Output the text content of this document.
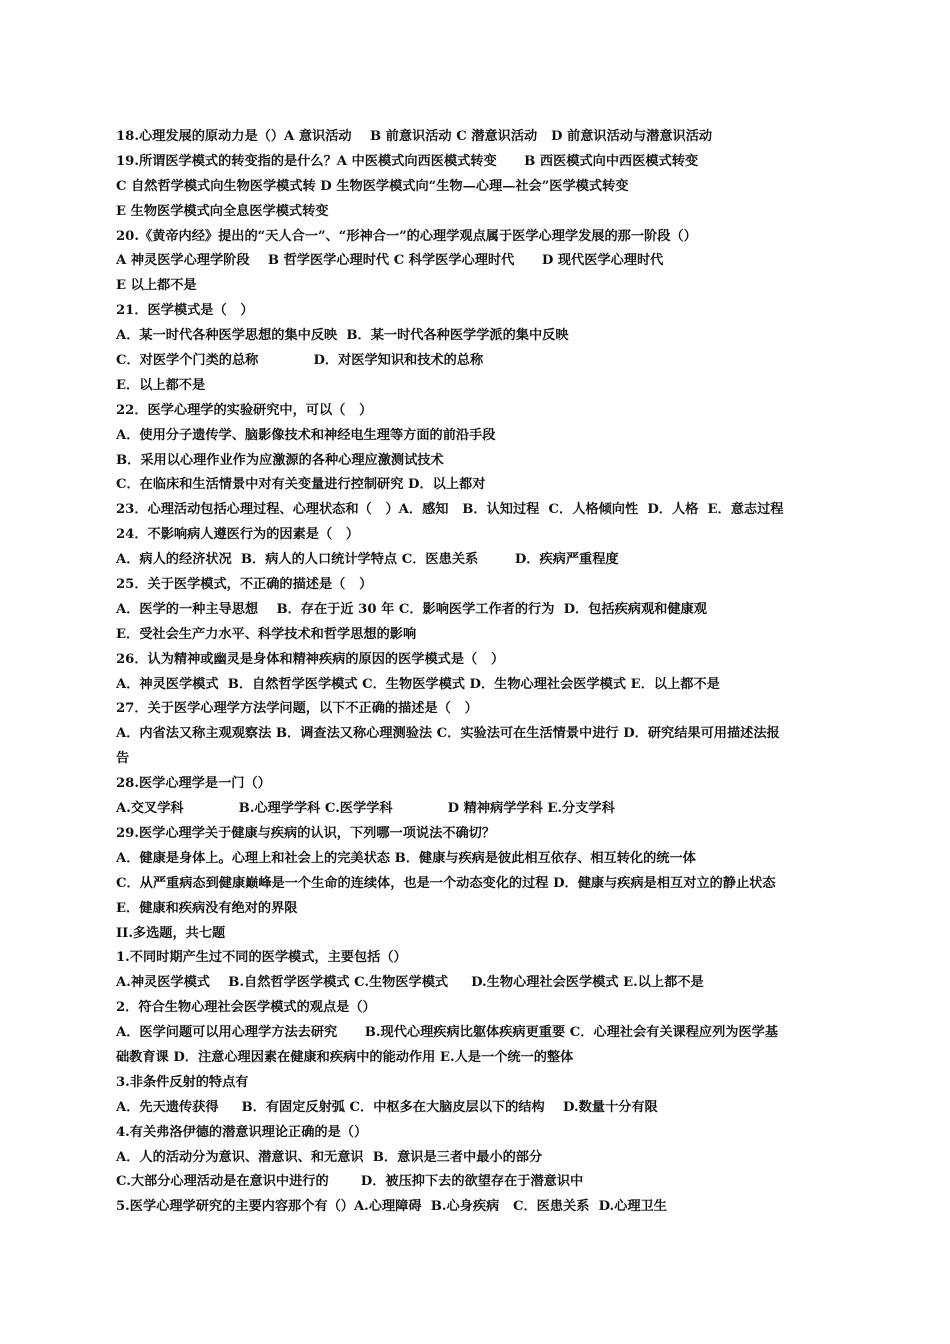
18.心理发展的原动力是（）A 意识活动    B 前意识活动 C 潜意识活动   D 前意识活动与潜意识活动
19.所谓医学模式的转变指的是什么？A 中医模式向西医模式转变      B 西医模式向中西医模式转变
C 自然哲学模式向生物医学模式转 D 生物医学模式向“生物—心理—社会”医学模式转变
E 生物医学模式向全息医学模式转变
20.《黄帝内经》提出的“天人合一”、“形神合一”的心理学观点属于医学心理学发展的那一阶段（）
A 神灵医学心理学阶段    B 哲学医学心理时代 C 科学医学心理时代      D 现代医学心理时代
E 以上都不是
21．医学模式是（   ）
A．某一时代各种医学思想的集中反映  B．某一时代各种医学学派的集中反映
C．对医学个门类的总称            D．对医学知识和技术的总称
E．以上都不是
22．医学心理学的实验研究中，可以（   ）
A．使用分子遗传学、脑影像技术和神经电生理等方面的前沿手段
B．采用以心理作业作为应激源的各种心理应激测试技术
C．在临床和生活情景中对有关变量进行控制研究 D．以上都对
23．心理活动包括心理过程、心理状态和（   ）A．感知   B．认知过程  C．人格倾向性  D．人格  E．意志过程
24．不影响病人遵医行为的因素是（   ）
A．病人的经济状况  B．病人的人口统计学特点 C．医患关系        D．疾病严重程度
25．关于医学模式，不正确的描述是（   ）
A．医学的一种主导思想    B．存在于近 30 年 C．影响医学工作者的行为  D．包括疾病观和健康观
E．受社会生产力水平、科学技术和哲学思想的影响
26．认为精神或幽灵是身体和精神疾病的原因的医学模式是（   ）
A．神灵医学模式  B．自然哲学医学模式 C．生物医学模式 D．生物心理社会医学模式 E．以上都不是
27．关于医学心理学方法学问题，以下不正确的描述是（   ）
A．内省法又称主观观察法 B．调查法又称心理测验法 C．实验法可在生活情景中进行 D．研究结果可用描述法报
告
28.医学心理学是一门（）
A.交叉学科            B.心理学学科 C.医学学科            D 精神病学学科 E.分支学科
29.医学心理学关于健康与疾病的认识，下列哪一项说法不确切？
A．健康是身体上。心理上和社会上的完美状态 B．健康与疾病是彼此相互依存、相互转化的统一体
C．从严重病态到健康巅峰是一个生命的连续体，也是一个动态变化的过程 D．健康与疾病是相互对立的静止状态
E．健康和疾病没有绝对的界限
II.多选题，共七题
1.不同时期产生过不同的医学模式，主要包括（）
A.神灵医学模式    B.自然哲学医学模式 C.生物医学模式     D.生物心理社会医学模式 E.以上都不是
2．符合生物心理社会医学模式的观点是（）
A．医学问题可以用心理学方法去研究      B.现代心理疾病比躯体疾病更重要 C．心理社会有关课程应列为医学基
础教育课 D．注意心理因素在健康和疾病中的能动作用 E.人是一个统一的整体
3.非条件反射的特点有
A．先天遗传获得     B．有固定反射弧 C．中枢多在大脑皮层以下的结构    D.数量十分有限
4.有关弗洛伊德的潜意识理论正确的是（）
A．人的活动分为意识、潜意识、和无意识  B．意识是三者中最小的部分
C.大部分心理活动是在意识中进行的       D．被压抑下去的欲望存在于潜意识中
5.医学心理学研究的主要内容那个有（）A.心理障碍  B.心身疾病   C．医患关系  D.心理卫生
